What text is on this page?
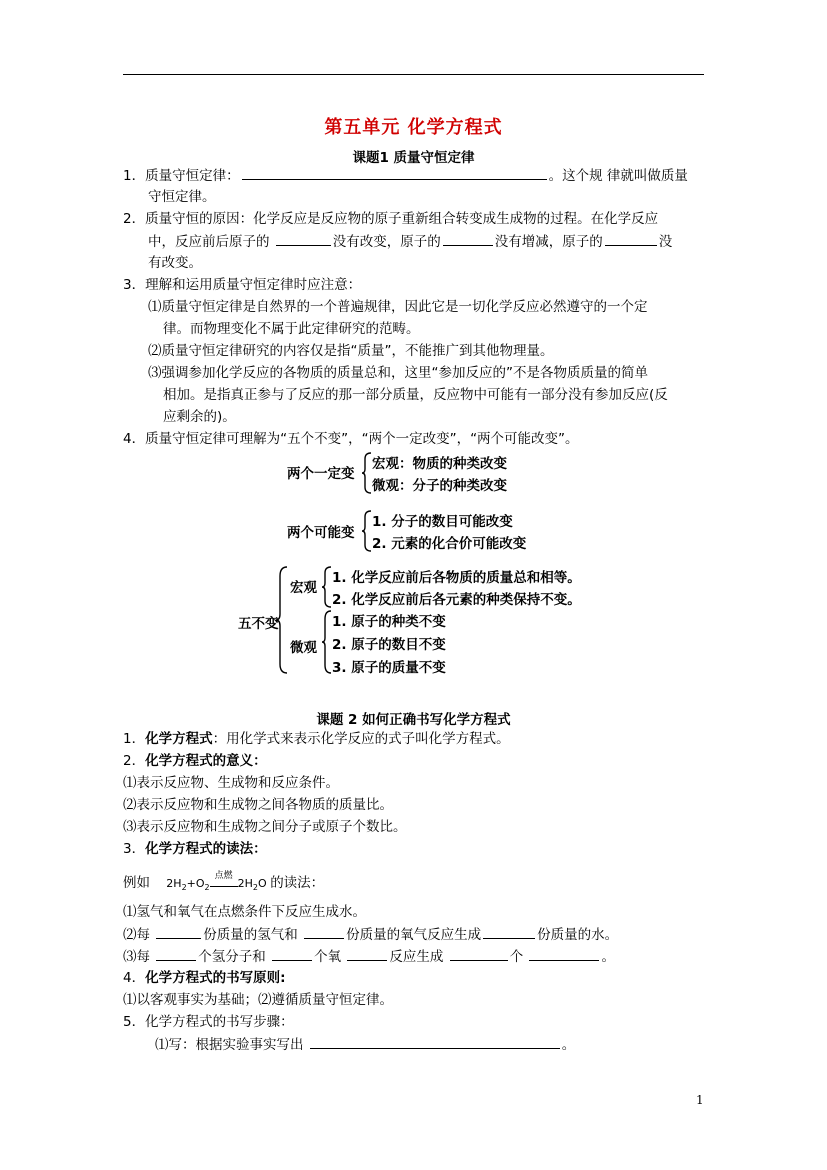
第五单元 化学方程式
课题1 质量守恒定律
1．质量守恒定律：	。这个规 律就叫做质量
守恒定律。
2．质量守恒的原因：化学反应是反应物的原子重新组合转变成生成物的过程。在化学反应
中，反应前后原子的	没有改变，原子的	没有增减，原子的	没
有改变。
3．理解和运用质量守恒定律时应注意：
⑴质量守恒定律是自然界的一个普遍规律，因此它是一切化学反应必然遵守的一个定
律。而物理变化不属于此定律研究的范畴。
⑵质量守恒定律研究的内容仅是指“质量”，不能推广到其他物理量。
⑶强调参加化学反应的各物质的质量总和，这里“参加反应的”不是各物质质量的简单
相加。是指真正参与了反应的那一部分质量，反应物中可能有一部分没有参加反应(反
应剩余的)。
4．质量守恒定律可理解为“五个不变”，“两个一定改变”，“两个可能改变”。
两个一定变
宏观：物质的种类改变
微观：分子的种类改变
两个可能变
1. 分子的数目可能改变
2. 元素的化合价可能改变
五不变
宏观
1. 化学反应前后各物质的质量总和相等。
2. 化学反应前后各元素的种类保持不变。
微观
1. 原子的种类不变
2. 原子的数目不变
3. 原子的质量不变
课题 2 如何正确书写化学方程式
1．化学方程式：用化学式来表示化学反应的式子叫化学方程式。
2．化学方程式的意义：
⑴表示反应物、生成物和反应条件。
⑵表示反应物和生成物之间各物质的质量比。
⑶表示反应物和生成物之间分子或原子个数比。
3．化学方程式的读法：
例如 $2H_2+O_2$
点燃
$2H_2O$ 的读法：
⑴氢气和氧气在点燃条件下反应生成水。
⑵每	份质量的氢气和	份质量的氧气反应生成	份质量的水。
⑶每	个氢分子和	个氧	反应生成	个	。
4．化学方程式的书写原则:
⑴以客观事实为基础；⑵遵循质量守恒定律。
5．化学方程式的书写步骤：
⑴写：根据实验事实写出	。
1
